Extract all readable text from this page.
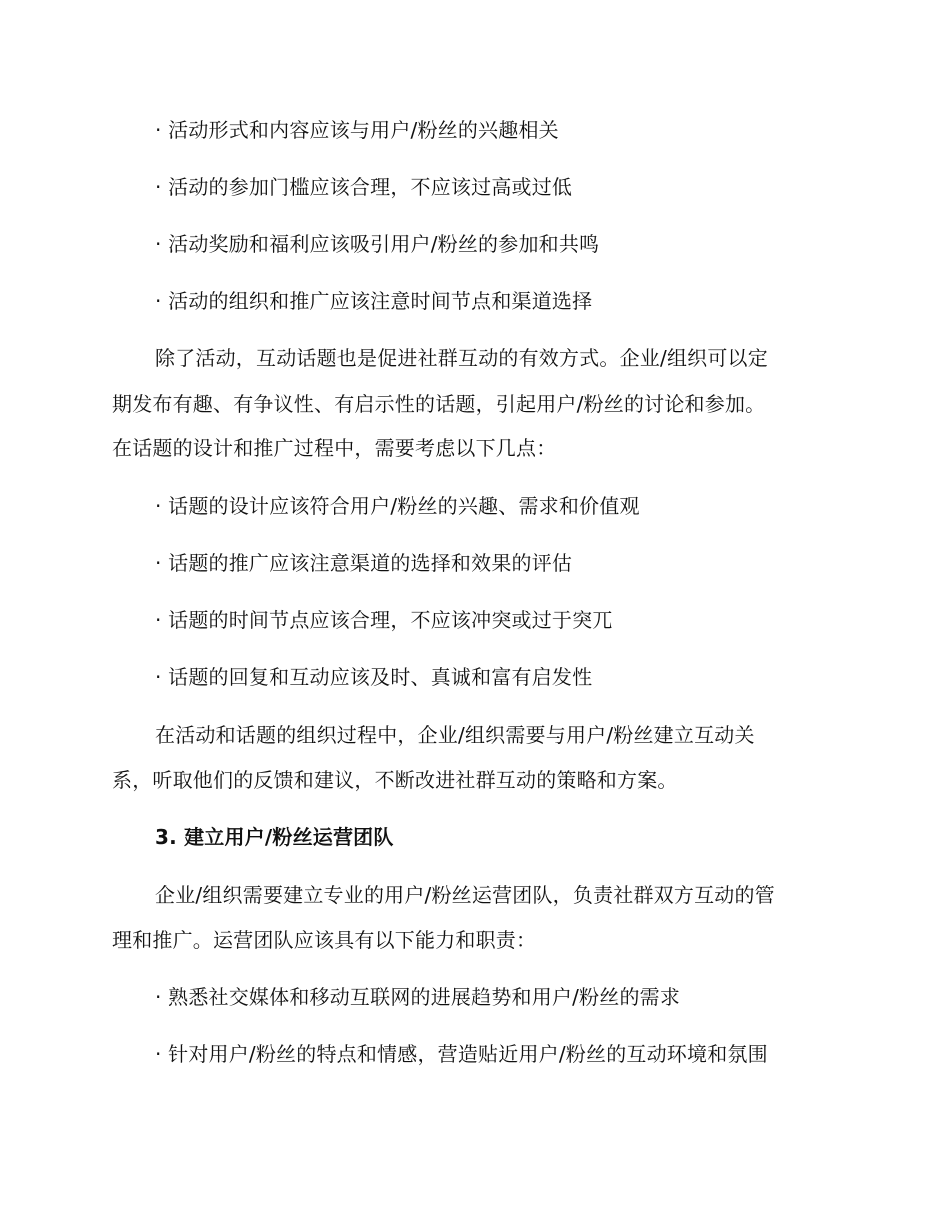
· 活动形式和内容应该与用户/粉丝的兴趣相关
· 活动的参加门槛应该合理，不应该过高或过低
· 活动奖励和福利应该吸引用户/粉丝的参加和共鸣
· 活动的组织和推广应该注意时间节点和渠道选择
除了活动，互动话题也是促进社群互动的有效方式。企业/组织可以定
期发布有趣、有争议性、有启示性的话题，引起用户/粉丝的讨论和参加。
在话题的设计和推广过程中，需要考虑以下几点：
· 话题的设计应该符合用户/粉丝的兴趣、需求和价值观
· 话题的推广应该注意渠道的选择和效果的评估
· 话题的时间节点应该合理，不应该冲突或过于突兀
· 话题的回复和互动应该及时、真诚和富有启发性
在活动和话题的组织过程中，企业/组织需要与用户/粉丝建立互动关
系，听取他们的反馈和建议，不断改进社群互动的策略和方案。
3. 建立用户/粉丝运营团队
企业/组织需要建立专业的用户/粉丝运营团队，负责社群双方互动的管
理和推广。运营团队应该具有以下能力和职责：
· 熟悉社交媒体和移动互联网的进展趋势和用户/粉丝的需求
· 针对用户/粉丝的特点和情感，营造贴近用户/粉丝的互动环境和氛围
